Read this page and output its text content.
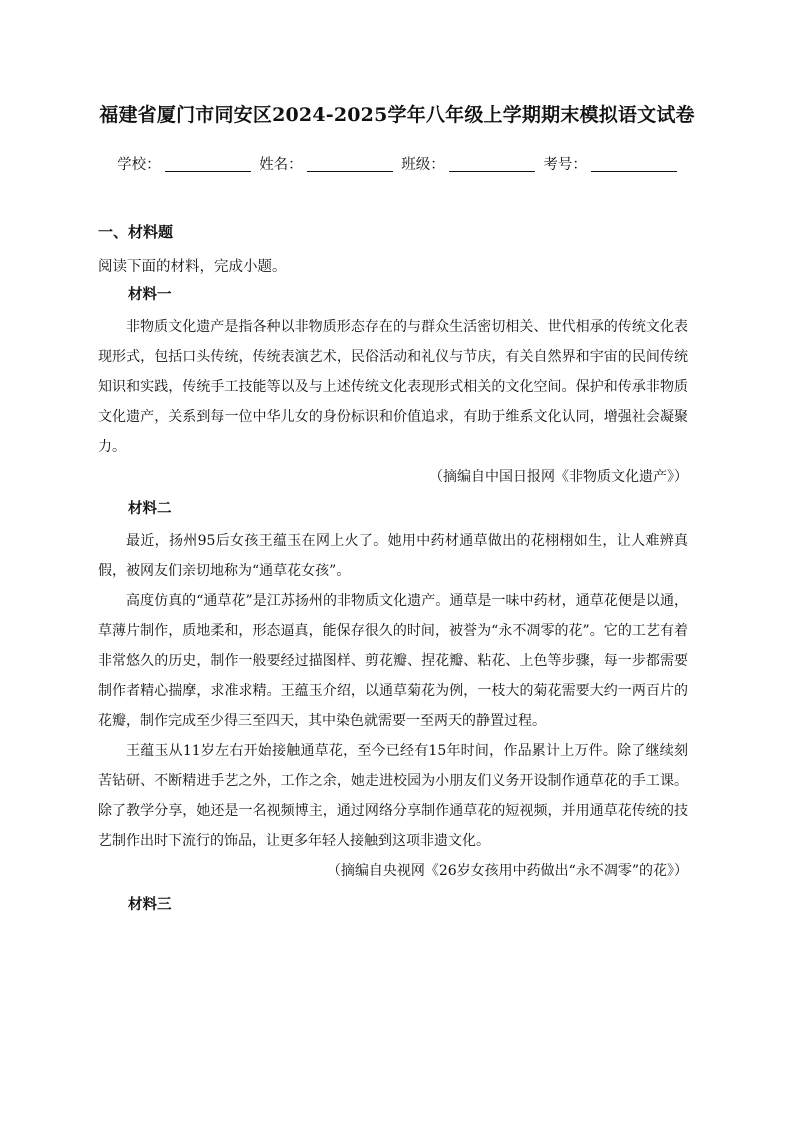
福建省厦门市同安区2024-2025学年八年级上学期期末模拟语文试卷
学校：	姓名：	班级：	考号：
一、材料题
阅读下面的材料，完成小题。
材料一

非物质文化遗产是指各种以非物质形态存在的与群众生活密切相关、世代相承的传统文化表现形式，包括口头传统，传统表演艺术，民俗活动和礼仪与节庆，有关自然界和宇宙的民间传统知识和实践，传统手工技能等以及与上述传统文化表现形式相关的文化空间。保护和传承非物质文化遗产，关系到每一位中华儿女的身份标识和价值追求，有助于维系文化认同，增强社会凝聚力。

（摘编自中国日报网《非物质文化遗产》）
材料二

最近，扬州95后女孩王蕴玉在网上火了。她用中药材通草做出的花栩栩如生，让人难辨真假，被网友们亲切地称为“通草花女孩”。

高度仿真的“通草花”是江苏扬州的非物质文化遗产。通草是一味中药材，通草花便是以通，草薄片制作，质地柔和，形态逼真，能保存很久的时间，被誉为“永不凋零的花”。它的工艺有着非常悠久的历史，制作一般要经过描图样、剪花瓣、捏花瓣、粘花、上色等步骤，每一步都需要制作者精心揣摩，求准求精。王蕴玉介绍，以通草菊花为例，一枝大的菊花需要大约一两百片的花瓣，制作完成至少得三至四天，其中染色就需要一至两天的静置过程。

王蕴玉从11岁左右开始接触通草花，至今已经有15年时间，作品累计上万件。除了继续刻苦钻研、不断精进手艺之外，工作之余，她走进校园为小朋友们义务开设制作通草花的手工课。除了教学分享，她还是一名视频博主，通过网络分享制作通草花的短视频，并用通草花传统的技艺制作出时下流行的饰品，让更多年轻人接触到这项非遗文化。

（摘编自央视网《26岁女孩用中药做出“永不凋零”的花》）
材料三
